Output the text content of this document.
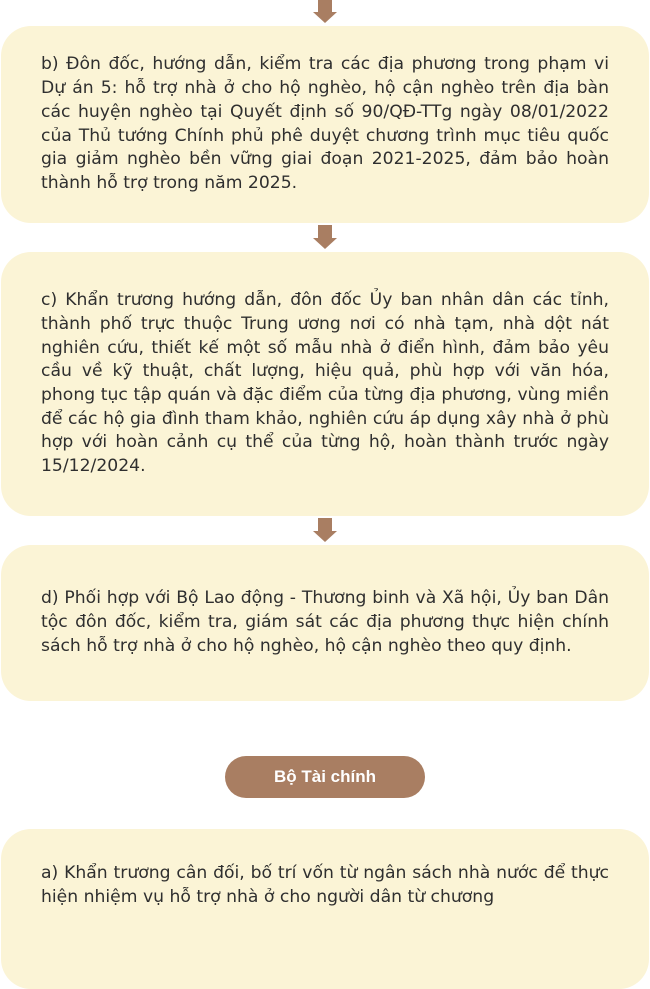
b) Đôn đốc, hướng dẫn, kiểm tra các địa phương trong phạm vi Dự án 5: hỗ trợ nhà ở cho hộ nghèo, hộ cận nghèo trên địa bàn các huyện nghèo tại Quyết định số 90/QĐ-TTg ngày 08/01/2022 của Thủ tướng Chính phủ phê duyệt chương trình mục tiêu quốc gia giảm nghèo bền vững giai đoạn 2021-2025, đảm bảo hoàn thành hỗ trợ trong năm 2025.

c) Khẩn trương hướng dẫn, đôn đốc Ủy ban nhân dân các tỉnh, thành phố trực thuộc Trung ương nơi có nhà tạm, nhà dột nát nghiên cứu, thiết kế một số mẫu nhà ở điển hình, đảm bảo yêu cầu về kỹ thuật, chất lượng, hiệu quả, phù hợp với văn hóa, phong tục tập quán và đặc điểm của từng địa phương, vùng miền để các hộ gia đình tham khảo, nghiên cứu áp dụng xây nhà ở phù hợp với hoàn cảnh cụ thể của từng hộ, hoàn thành trước ngày 15/12/2024.

d) Phối hợp với Bộ Lao động - Thương binh và Xã hội, Ủy ban Dân tộc đôn đốc, kiểm tra, giám sát các địa phương thực hiện chính sách hỗ trợ nhà ở cho hộ nghèo, hộ cận nghèo theo quy định.

Bộ Tài chính

a) Khẩn trương cân đối, bố trí vốn từ ngân sách nhà nước để thực hiện nhiệm vụ hỗ trợ nhà ở cho người dân từ chương
